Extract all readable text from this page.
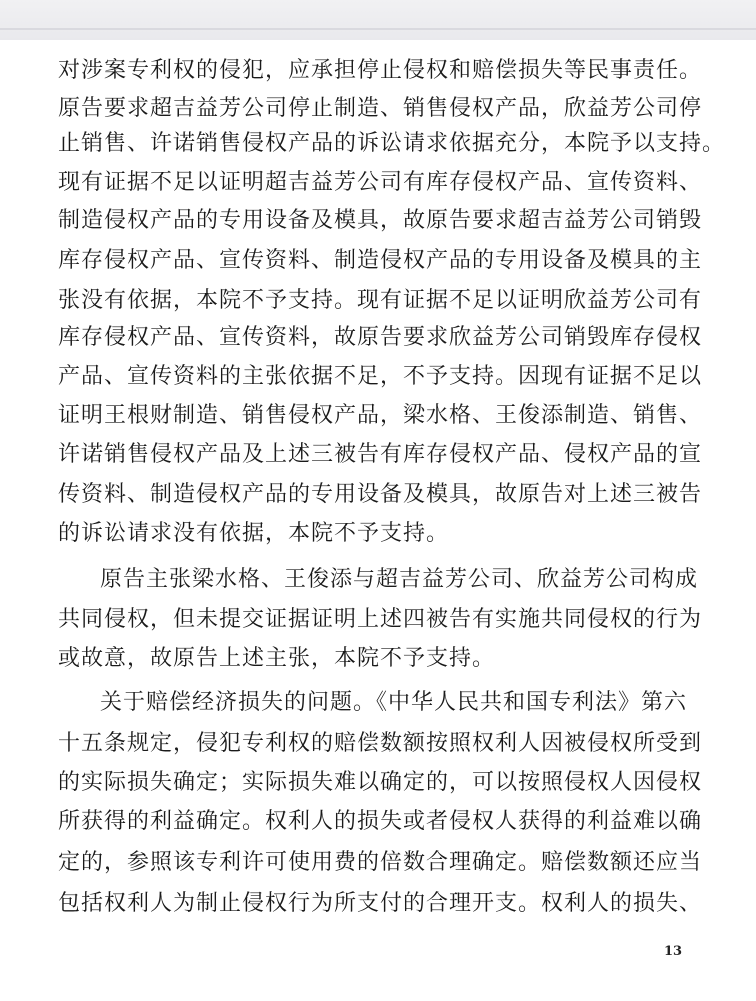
对涉案专利权的侵犯，应承担停止侵权和赔偿损失等民事责任。
原告要求超吉益芳公司停止制造、销售侵权产品，欣益芳公司停
止销售、许诺销售侵权产品的诉讼请求依据充分，本院予以支持。
现有证据不足以证明超吉益芳公司有库存侵权产品、宣传资料、
制造侵权产品的专用设备及模具，故原告要求超吉益芳公司销毁
库存侵权产品、宣传资料、制造侵权产品的专用设备及模具的主
张没有依据，本院不予支持。现有证据不足以证明欣益芳公司有
库存侵权产品、宣传资料，故原告要求欣益芳公司销毁库存侵权
产品、宣传资料的主张依据不足，不予支持。因现有证据不足以
证明王根财制造、销售侵权产品，梁水格、王俊添制造、销售、
许诺销售侵权产品及上述三被告有库存侵权产品、侵权产品的宣
传资料、制造侵权产品的专用设备及模具，故原告对上述三被告
的诉讼请求没有依据，本院不予支持。
原告主张梁水格、王俊添与超吉益芳公司、欣益芳公司构成
共同侵权，但未提交证据证明上述四被告有实施共同侵权的行为
或故意，故原告上述主张，本院不予支持。
关于赔偿经济损失的问题。《中华人民共和国专利法》第六
十五条规定，侵犯专利权的赔偿数额按照权利人因被侵权所受到
的实际损失确定；实际损失难以确定的，可以按照侵权人因侵权
所获得的利益确定。权利人的损失或者侵权人获得的利益难以确
定的，参照该专利许可使用费的倍数合理确定。赔偿数额还应当
包括权利人为制止侵权行为所支付的合理开支。权利人的损失、
13
